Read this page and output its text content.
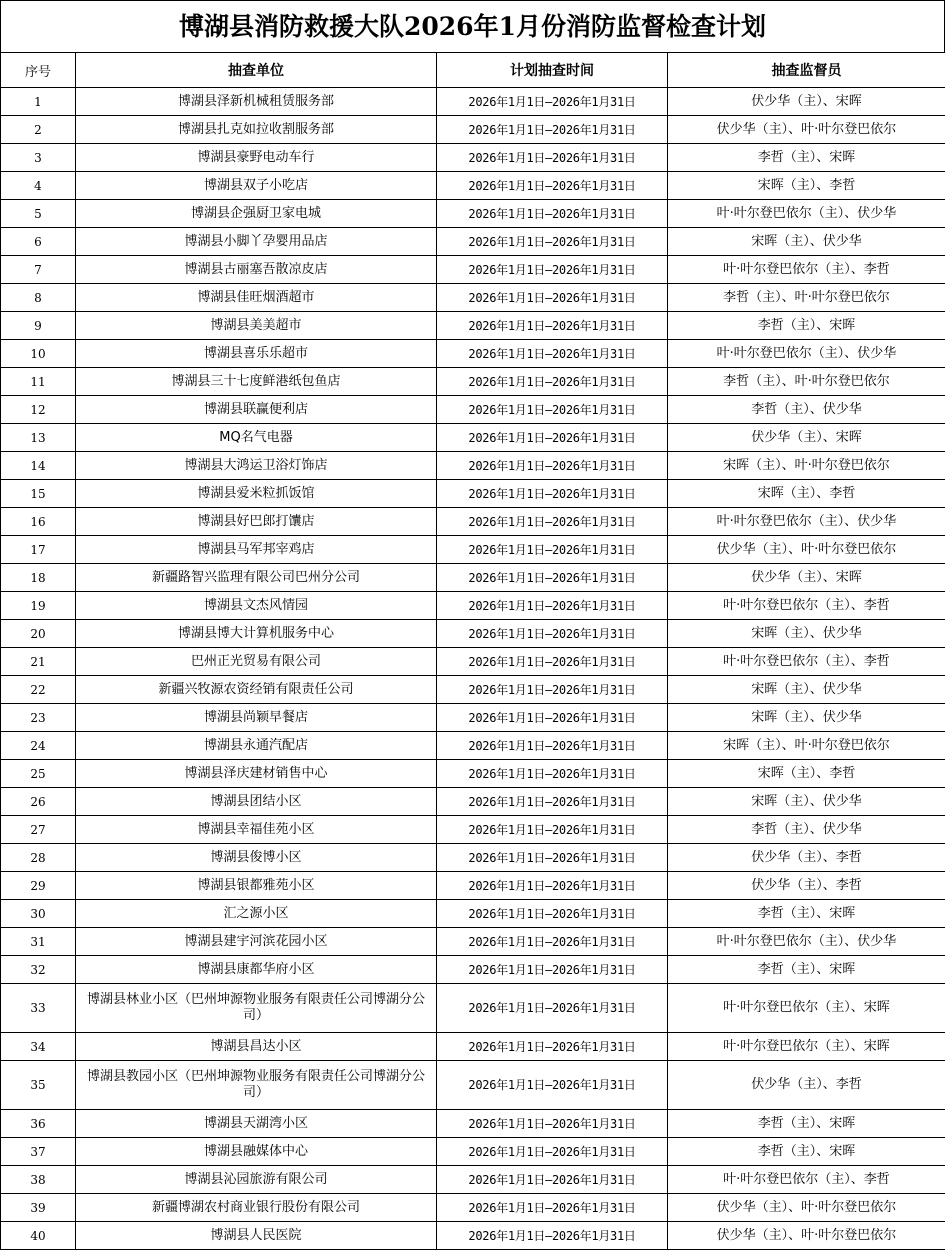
博湖县消防救援大队2026年1月份消防监督检查计划
序号	抽查单位	计划抽查时间	抽查监督员
1	博湖县泽新机械租赁服务部	2026年1月1日—2026年1月31日	伏少华（主）、宋晖
2	博湖县扎克如拉收割服务部	2026年1月1日—2026年1月31日	伏少华（主）、叶·叶尔登巴依尔
3	博湖县豪野电动车行	2026年1月1日—2026年1月31日	李哲（主）、宋晖
4	博湖县双子小吃店	2026年1月1日—2026年1月31日	宋晖（主）、李哲
5	博湖县企强厨卫家电城	2026年1月1日—2026年1月31日	叶·叶尔登巴依尔（主）、伏少华
6	博湖县小脚丫孕婴用品店	2026年1月1日—2026年1月31日	宋晖（主）、伏少华
7	博湖县古丽塞吾散凉皮店	2026年1月1日—2026年1月31日	叶·叶尔登巴依尔（主）、李哲
8	博湖县佳旺烟酒超市	2026年1月1日—2026年1月31日	李哲（主）、叶·叶尔登巴依尔
9	博湖县美美超市	2026年1月1日—2026年1月31日	李哲（主）、宋晖
10	博湖县喜乐乐超市	2026年1月1日—2026年1月31日	叶·叶尔登巴依尔（主）、伏少华
11	博湖县三十七度鲜港纸包鱼店	2026年1月1日—2026年1月31日	李哲（主）、叶·叶尔登巴依尔
12	博湖县联赢便利店	2026年1月1日—2026年1月31日	李哲（主）、伏少华
13	MQ名气电器	2026年1月1日—2026年1月31日	伏少华（主）、宋晖
14	博湖县大鸿运卫浴灯饰店	2026年1月1日—2026年1月31日	宋晖（主）、叶·叶尔登巴依尔
15	博湖县爱米粒抓饭馆	2026年1月1日—2026年1月31日	宋晖（主）、李哲
16	博湖县好巴郎打馕店	2026年1月1日—2026年1月31日	叶·叶尔登巴依尔（主）、伏少华
17	博湖县马军邦宰鸡店	2026年1月1日—2026年1月31日	伏少华（主）、叶·叶尔登巴依尔
18	新疆路智兴监理有限公司巴州分公司	2026年1月1日—2026年1月31日	伏少华（主）、宋晖
19	博湖县文杰风情园	2026年1月1日—2026年1月31日	叶·叶尔登巴依尔（主）、李哲
20	博湖县博大计算机服务中心	2026年1月1日—2026年1月31日	宋晖（主）、伏少华
21	巴州正光贸易有限公司	2026年1月1日—2026年1月31日	叶·叶尔登巴依尔（主）、李哲
22	新疆兴牧源农资经销有限责任公司	2026年1月1日—2026年1月31日	宋晖（主）、伏少华
23	博湖县尚颖早餐店	2026年1月1日—2026年1月31日	宋晖（主）、伏少华
24	博湖县永通汽配店	2026年1月1日—2026年1月31日	宋晖（主）、叶·叶尔登巴依尔
25	博湖县泽庆建材销售中心	2026年1月1日—2026年1月31日	宋晖（主）、李哲
26	博湖县团结小区	2026年1月1日—2026年1月31日	宋晖（主）、伏少华
27	博湖县幸福佳苑小区	2026年1月1日—2026年1月31日	李哲（主）、伏少华
28	博湖县俊博小区	2026年1月1日—2026年1月31日	伏少华（主）、李哲
29	博湖县银都雅苑小区	2026年1月1日—2026年1月31日	伏少华（主）、李哲
30	汇之源小区	2026年1月1日—2026年1月31日	李哲（主）、宋晖
31	博湖县建宇河滨花园小区	2026年1月1日—2026年1月31日	叶·叶尔登巴依尔（主）、伏少华
32	博湖县康都华府小区	2026年1月1日—2026年1月31日	李哲（主）、宋晖
33	博湖县林业小区（巴州坤源物业服务有限责任公司博湖分公司）	2026年1月1日—2026年1月31日	叶·叶尔登巴依尔（主）、宋晖
34	博湖县昌达小区	2026年1月1日—2026年1月31日	叶·叶尔登巴依尔（主）、宋晖
35	博湖县教园小区（巴州坤源物业服务有限责任公司博湖分公司）	2026年1月1日—2026年1月31日	伏少华（主）、李哲
36	博湖县天湖湾小区	2026年1月1日—2026年1月31日	李哲（主）、宋晖
37	博湖县融媒体中心	2026年1月1日—2026年1月31日	李哲（主）、宋晖
38	博湖县沁园旅游有限公司	2026年1月1日—2026年1月31日	叶·叶尔登巴依尔（主）、李哲
39	新疆博湖农村商业银行股份有限公司	2026年1月1日—2026年1月31日	伏少华（主）、叶·叶尔登巴依尔
40	博湖县人民医院	2026年1月1日—2026年1月31日	伏少华（主）、叶·叶尔登巴依尔
